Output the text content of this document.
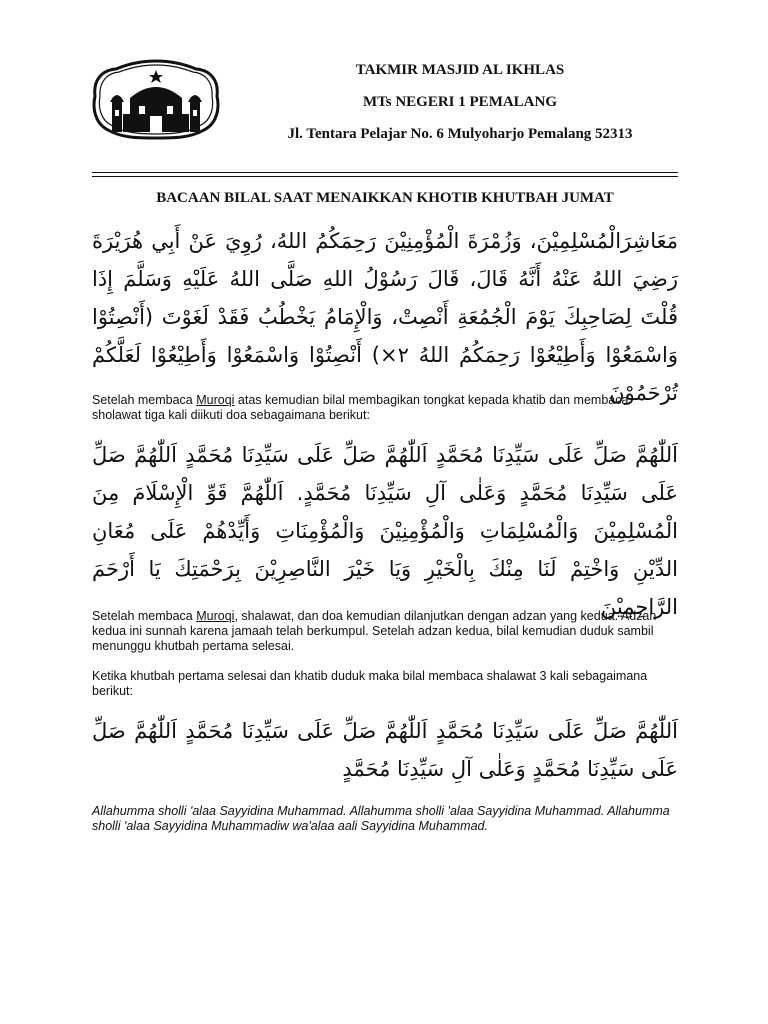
TAKMIR MASJID AL IKHLAS
MTs NEGERI 1 PEMALANG
Jl. Tentara Pelajar No. 6 Mulyoharjo Pemalang 52313
BACAAN BILAL SAAT MENAIKKAN KHOTIB KHUTBAH JUMAT
مَعَاشِرَالْمُسْلِمِيْنَ، وَزُمْرَةَ الْمُؤْمِنِيْنَ رَحِمَكُمُ اللهُ، رُوِيَ عَنْ أَبِي هُرَيْرَةَ رَضِيَ اللهُ عَنْهُ أَنَّهُ قَالَ، قَالَ رَسُوْلُ اللهِ صَلَّى اللهُ عَلَيْهِ وَسَلَّمَ إِذَا قُلْتَ لِصَاحِبِكَ يَوْمَ الْجُمُعَةِ أَنْصِتْ، وَالْإِمَامُ يَخْطُبُ فَقَدْ لَغَوْتَ (أَنْصِتُوْا وَاسْمَعُوْا وَأَطِيْعُوْا رَحِمَكُمُ اللهُ ٢×) أَنْصِتُوْا وَاسْمَعُوْا وَأَطِيْعُوْا لَعَلَّكُمْ تُرْحَمُوْنَ
Setelah membaca Muroqi atas kemudian bilal membagikan tongkat kepada khatib dan membaca sholawat tiga kali diikuti doa sebagaimana berikut:
اَللّٰهُمَّ صَلِّ عَلَى سَيِّدِنَا مُحَمَّدٍ اَللّٰهُمَّ صَلِّ عَلَى سَيِّدِنَا مُحَمَّدٍ اَللّٰهُمَّ صَلِّ عَلَى سَيِّدِنَا مُحَمَّدٍ وَعَلٰى آلِ سَيِّدِنَا مُحَمَّدٍ. اَللّٰهُمَّ قَوِّ الْإِسْلَامَ مِنَ الْمُسْلِمِيْنَ وَالْمُسْلِمَاتِ وَالْمُؤْمِنِيْنَ وَالْمُؤْمِنَاتِ وَأَيِّدْهُمْ عَلَى مُعَانِ الدِّيْنِ وَاخْتِمْ لَنَا مِنْكَ بِالْخَيْرِ وَيَا خَيْرَ النَّاصِرِيْنَ بِرَحْمَتِكَ يَا أَرْحَمَ الرَّاحِمِيْنَ
Setelah membaca Muroqi, shalawat, dan doa kemudian dilanjutkan dengan adzan yang kedua. Adzan kedua ini sunnah karena jamaah telah berkumpul. Setelah adzan kedua, bilal kemudian duduk sambil menunggu khutbah pertama selesai.
Ketika khutbah pertama selesai dan khatib duduk maka bilal membaca shalawat 3 kali sebagaimana berikut:
اَللّٰهُمَّ صَلِّ عَلَى سَيِّدِنَا مُحَمَّدٍ اَللّٰهُمَّ صَلِّ عَلَى سَيِّدِنَا مُحَمَّدٍ اَللّٰهُمَّ صَلِّ عَلَى سَيِّدِنَا مُحَمَّدٍ وَعَلٰى آلِ سَيِّدِنَا مُحَمَّدٍ
Allahumma sholli 'alaa Sayyidina Muhammad. Allahumma sholli 'alaa Sayyidina Muhammad. Allahumma sholli 'alaa Sayyidina Muhammadiw wa'alaa aali Sayyidina Muhammad.
